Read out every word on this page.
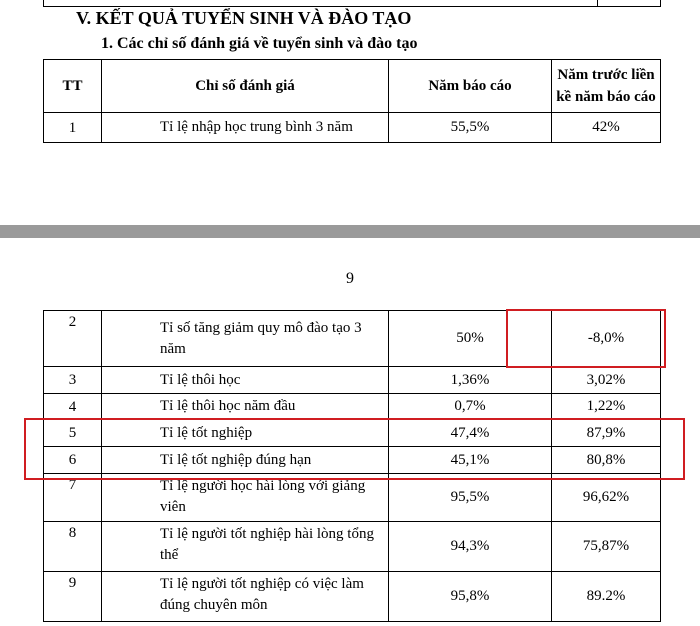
V. KẾT QUẢ TUYỂN SINH VÀ ĐÀO TẠO
1. Các chỉ số đánh giá về tuyển sinh và đào tạo
TT	Chỉ số đánh giá	Năm báo cáo	Năm trước liền
kề năm báo cáo
1	Tỉ lệ nhập học trung bình 3 năm	55,5%	42%
9
2	Tỉ số tăng giảm quy mô đào tạo 3 năm	50%	-8,0%
3	Tỉ lệ thôi học	1,36%	3,02%
4	Tỉ lệ thôi học năm đầu	0,7%	1,22%
5	Tỉ lệ tốt nghiệp	47,4%	87,9%
6	Tỉ lệ tốt nghiệp đúng hạn	45,1%	80,8%
7	Tỉ lệ người học hài lòng với giảng viên	95,5%	96,62%
8	Tỉ lệ người tốt nghiệp hài lòng tổng thể	94,3%	75,87%
9	Tỉ lệ người tốt nghiệp có việc làm đúng chuyên môn	95,8%	89.2%
